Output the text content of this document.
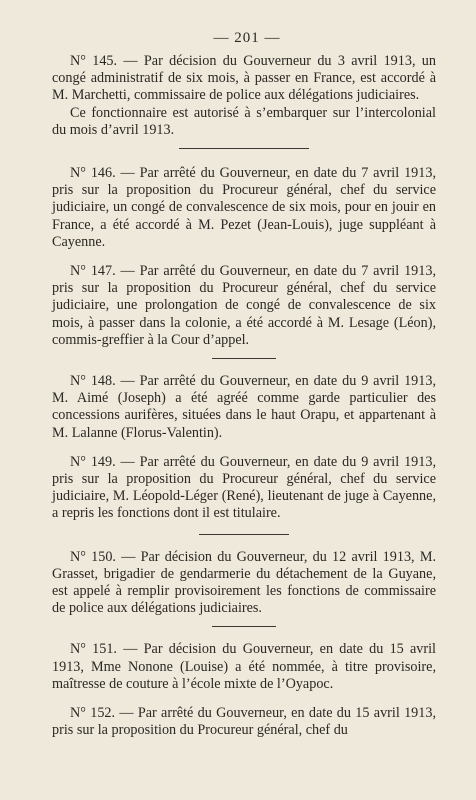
— 201 —

N° 145. — Par décision du Gouverneur du 3 avril 1913, un congé administratif de six mois, à passer en France, est accordé à M. Marchetti, commissaire de police aux délégations judiciaires.

Ce fonctionnaire est autorisé à s’embarquer sur l’intercolonial du mois d’avril 1913.

N° 146. — Par arrêté du Gouverneur, en date du 7 avril 1913, pris sur la proposition du Procureur général, chef du service judiciaire, un congé de convalescence de six mois, pour en jouir en France, a été accordé à M. Pezet (Jean-Louis), juge suppléant à Cayenne.

N° 147. — Par arrêté du Gouverneur, en date du 7 avril 1913, pris sur la proposition du Procureur général, chef du service judiciaire, une prolongation de congé de convalescence de six mois, à passer dans la colonie, a été accordé à M. Lesage (Léon), commis-greffier à la Cour d’appel.

N° 148. — Par arrêté du Gouverneur, en date du 9 avril 1913, M. Aimé (Joseph) a été agréé comme garde particulier des concessions aurifères, situées dans le haut Orapu, et appartenant à M. Lalanne (Florus-Valentin).

N° 149. — Par arrêté du Gouverneur, en date du 9 avril 1913, pris sur la proposition du Procureur général, chef du service judiciaire, M. Léopold-Léger (René), lieutenant de juge à Cayenne, a repris les fonctions dont il est titulaire.

N° 150. — Par décision du Gouverneur, du 12 avril 1913, M. Grasset, brigadier de gendarmerie du détachement de la Guyane, est appelé à remplir provisoirement les fonctions de commissaire de police aux délégations judiciaires.

N° 151. — Par décision du Gouverneur, en date du 15 avril 1913, Mme Nonone (Louise) a été nommée, à titre provisoire, maîtresse de couture à l’école mixte de l’Oyapoc.

N° 152. — Par arrêté du Gouverneur, en date du 15 avril 1913, pris sur la proposition du Procureur général, chef du
